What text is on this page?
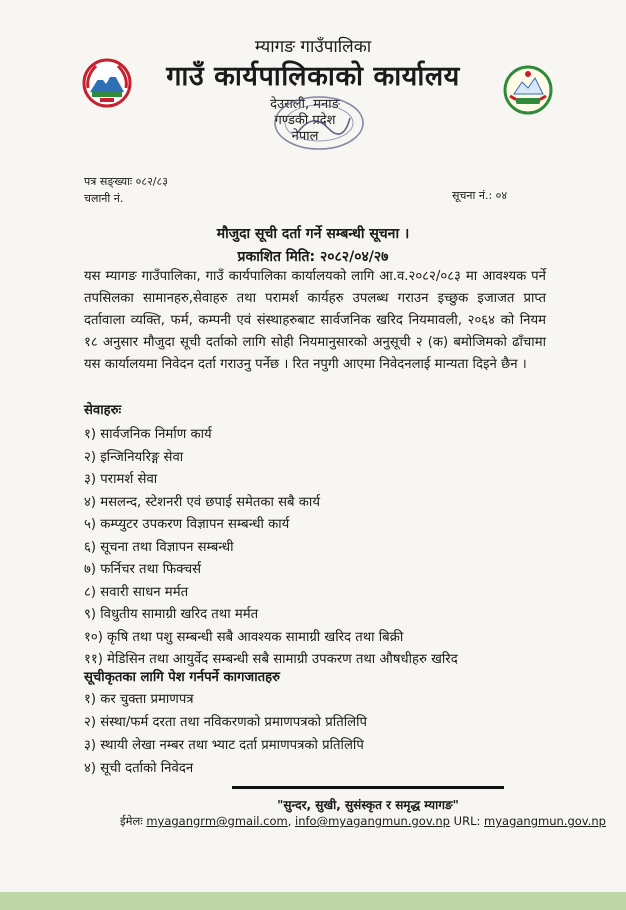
म्यागङ गाउँपालिका
गाउँ कार्यपालिकाको कार्यालय
देउराली, मनाङ
गण्डकी प्रदेश
नेपाल
पत्र सङ्ख्याः ०८२/८३
चलानी नं.	सूचना नं.: ०४
मौजुदा सूची दर्ता गर्ने सम्बन्धी सूचना ।
प्रकाशित मिति: २०८२/०४/२७
यस म्यागङ गाउँपालिका, गाउँ कार्यपालिका कार्यालयको लागि आ.व.२०८२/०८३ मा आवश्यक पर्ने तपसिलका सामानहरु,सेवाहरु तथा परामर्श कार्यहरु उपलब्ध गराउन इच्छुक इजाजत प्राप्त दर्तावाला व्यक्ति, फर्म, कम्पनी एवं संस्थाहरुबाट सार्वजनिक खरिद नियमावली, २०६४ को नियम १८ अनुसार मौजुदा सूची दर्ताको लागि सोही नियमानुसारको अनुसूची २ (क) बमोजिमको ढाँचामा यस कार्यालयमा निवेदन दर्ता गराउनु पर्नेछ । रित नपुगी आएमा निवेदनलाई मान्यता दिइने छैन ।
सेवाहरुः
१) सार्वजनिक निर्माण कार्य
२) इन्जिनियरिङ्ग सेवा
३) परामर्श सेवा
४) मसलन्द, स्टेशनरी एवं छपाई समेतका सबै कार्य
५) कम्प्युटर उपकरण विज्ञापन सम्बन्धी कार्य
६) सूचना तथा विज्ञापन सम्बन्धी
७) फर्निचर तथा फिक्चर्स
८) सवारी साधन मर्मत
९) विधुतीय सामाग्री खरिद तथा मर्मत
१०) कृषि तथा पशु सम्बन्धी सबै आवश्यक सामाग्री खरिद तथा बिक्री
११) मेडिसिन तथा आयुर्वेद सम्बन्धी सबै सामाग्री उपकरण तथा औषधीहरु खरिद
सूचीकृतका लागि पेश गर्नपर्ने कागजातहरु
१) कर चुक्ता प्रमाणपत्र
२) संस्था/फर्म दरता तथा नविकरणको प्रमाणपत्रको प्रतिलिपि
३) स्थायी लेखा नम्बर तथा भ्याट दर्ता प्रमाणपत्रको प्रतिलिपि
४) सूची दर्ताको निवेदन
"सुन्दर, सुखी, सुसंस्कृत र समृद्ध म्यागङ"
ईमेलः myagangrm@gmail.com, info@myagangmun.gov.np URL: myagangmun.gov.np
